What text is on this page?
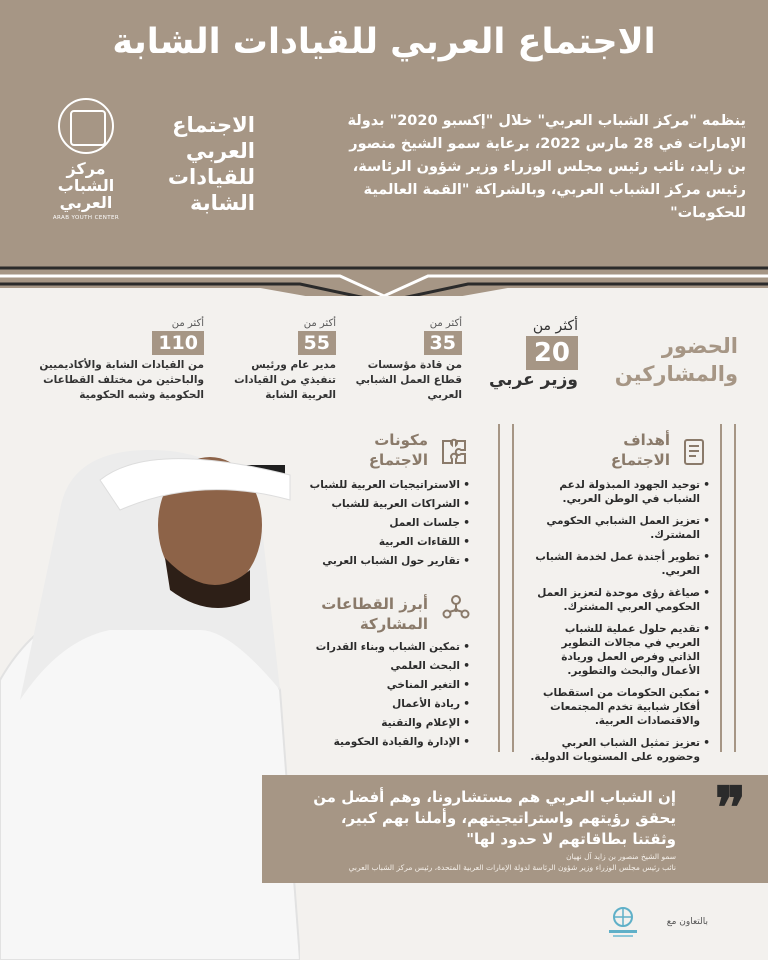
الاجتماع العربي للقيادات الشابة
ينظمه "مركز الشباب العربي" خلال "إكسبو 2020" بدولة الإمارات في 28 مارس 2022، برعاية سمو الشيخ منصور بن زايد، نائب رئيس مجلس الوزراء وزير شؤون الرئاسة، رئيس مركز الشباب العربي، وبالشراكة "القمة العالمية للحكومات"
الاجتماع
العربي
للقيادات
الشابة
مركز
الشباب
العربي
ARAB YOUTH CENTER
الحضور
والمشاركين
أكثر من
20
وزير عربي
أكثر من
35
من قادة مؤسسات قطاع العمل الشبابي العربي
أكثر من
55
مدير عام ورئيس تنفيذي من القيادات العربية الشابة
أكثر من
110
من القيادات الشابة والأكاديميين والباحثين من مختلف القطاعات الحكومية وشبه الحكومية
أهداف
الاجتماع
• توحيد الجهود المبذولة لدعم الشباب في الوطن العربي.
• تعزيز العمل الشبابي الحكومي المشترك.
• تطوير أجندة عمل لخدمة الشباب العربي.
• صياغة رؤى موحدة لتعزيز العمل الحكومي العربي المشترك.
• تقديم حلول عملية للشباب العربي في مجالات التطوير الذاتي وفرص العمل وريادة الأعمال والبحث والتطوير.
• تمكين الحكومات من استقطاب أفكار شبابية تخدم المجتمعات والاقتصادات العربية.
• تعزيز تمثيل الشباب العربي وحضوره على المستويات الدولية.
مكونات
الاجتماع
• الاستراتيجيات العربية للشباب
• الشراكات العربية للشباب
• جلسات العمل
• اللقاءات العربية
• تقارير حول الشباب العربي
أبرز القطاعات
المشاركة
• تمكين الشباب وبناء القدرات
• البحث العلمي
• التغير المناخي
• ريادة الأعمال
• الإعلام والتقنية
• الإدارة والقيادة الحكومية
❞
إن الشباب العربي هم مستشارونا، وهم أفضل من يحقق رؤيتهم واستراتيجيتهم، وأملنا بهم كبير، وثقتنا بطاقاتهم لا حدود لها"
سمو الشيخ منصور بن زايد آل نهيان
نائب رئيس مجلس الوزراء وزير شؤون الرئاسة لدولة الإمارات العربية المتحدة، رئيس مركز الشباب العربي
بالتعاون مع
